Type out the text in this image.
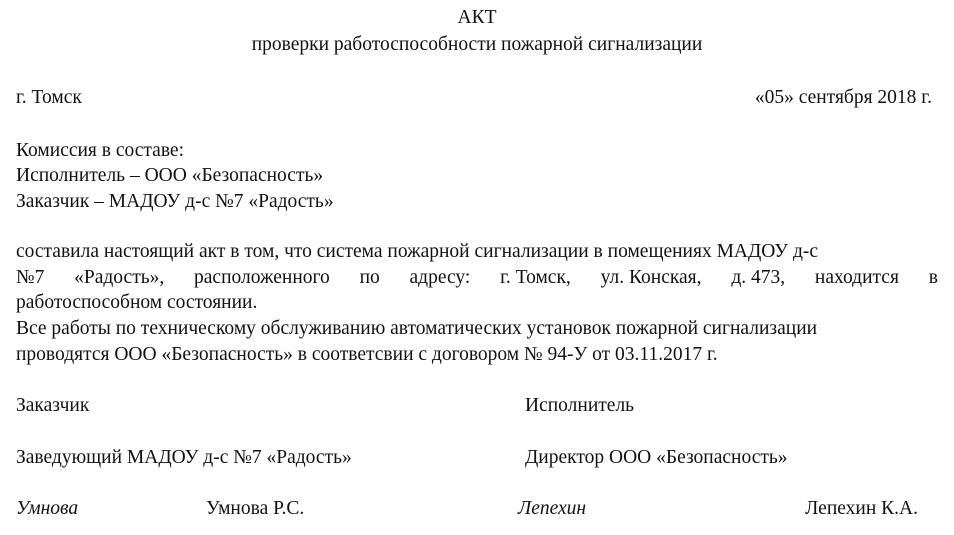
АКТ
проверки работоспособности пожарной сигнализации
г. Томск	«05» сентября 2018 г.
Комиссия в составе:
Исполнитель – ООО «Безопасность»
Заказчик – МАДОУ д-с №7 «Радость»
составила настоящий акт в том, что система пожарной сигнализации в помещениях МАДОУ д-с
№7 «Радость», расположенного по адресу: г. Томск, ул. Конская, д. 473, находится в
работоспособном состоянии.
Все работы по техническому обслуживанию автоматических установок пожарной сигнализации
проводятся ООО «Безопасность» в соответсвии с договором № 94-У от 03.11.2017 г.
Заказчик	Исполнитель
Заведующий МАДОУ д-с №7 «Радость»	Директор ООО «Безопасность»
Умнова	Умнова Р.С.	Лепехин	Лепехин К.А.
